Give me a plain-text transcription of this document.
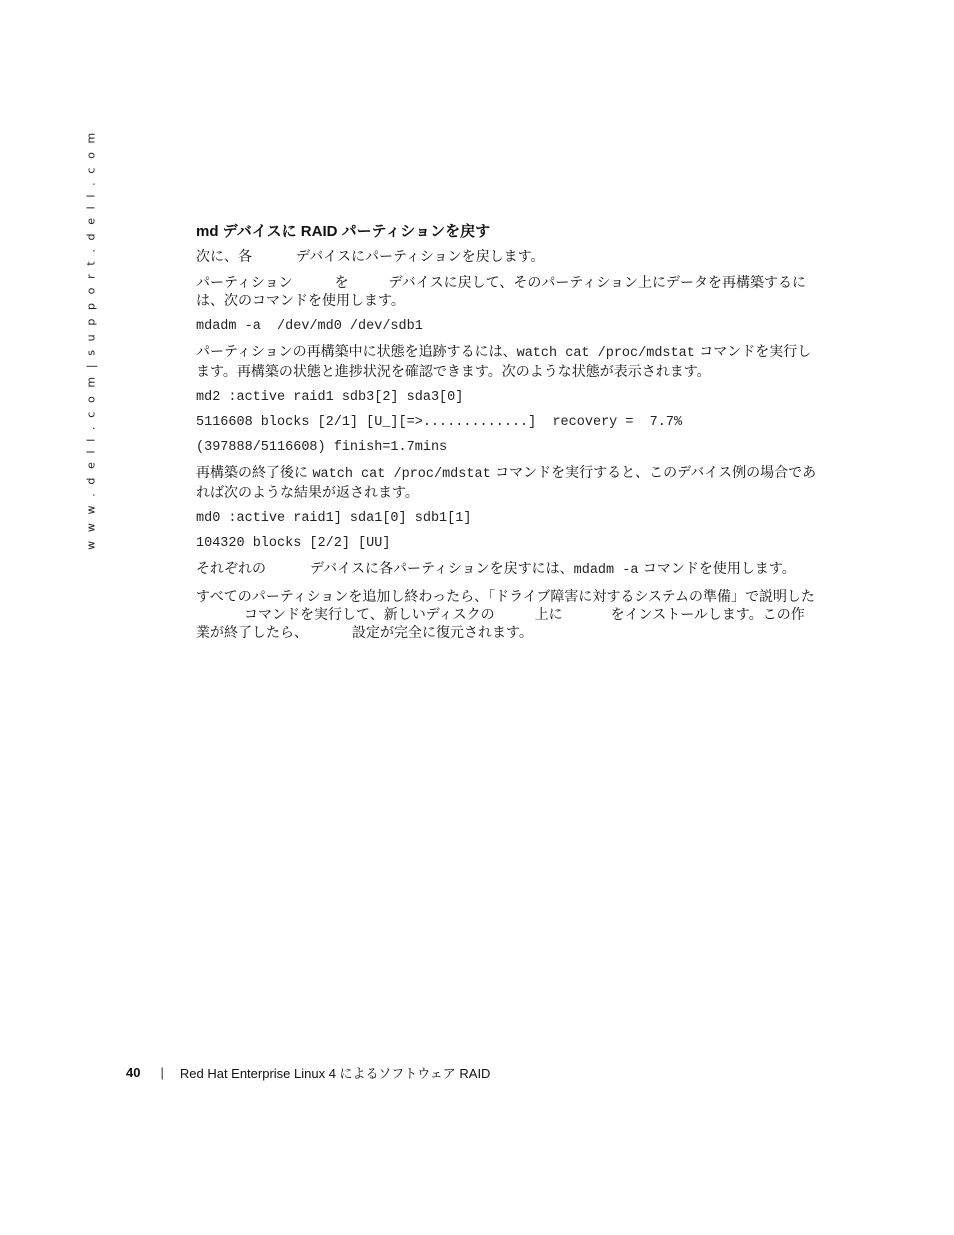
w w w . d e l l . c o m | s u p p o r t . d e l l . c o m	md デバイスに RAID パーティションを戻す

次に、各	デバイスにパーティションを戻します。

パーティション	を	デバイスに戻して、そのパーティション上にデータを再構築するには、次のコマンドを使用します。

mdadm -a  /dev/md0 /dev/sdb1

パーティションの再構築中に状態を追跡するには、watch cat /proc/mdstat コマンドを実行します。再構築の状態と進捗状況を確認できます。次のような状態が表示されます。

md2 :active raid1 sdb3[2] sda3[0]

5116608 blocks [2/1] [U_][=>.............]  recovery =  7.7%

(397888/5116608) finish=1.7mins

再構築の終了後に watch cat /proc/mdstat コマンドを実行すると、このデバイス例の場合であれば次のような結果が返されます。

md0 :active raid1] sda1[0] sdb1[1]

104320 blocks [2/2] [UU]

それぞれの	デバイスに各パーティションを戻すには、mdadm -a コマンドを使用します。

すべてのパーティションを追加し終わったら、「ドライブ障害に対するシステムの準備」で説明したコマンドを実行して、新しいディスクの	上に	をインストールします。この作業が終了したら、	設定が完全に復元されます。

40 | Red Hat Enterprise Linux 4 によるソフトウェア RAID
